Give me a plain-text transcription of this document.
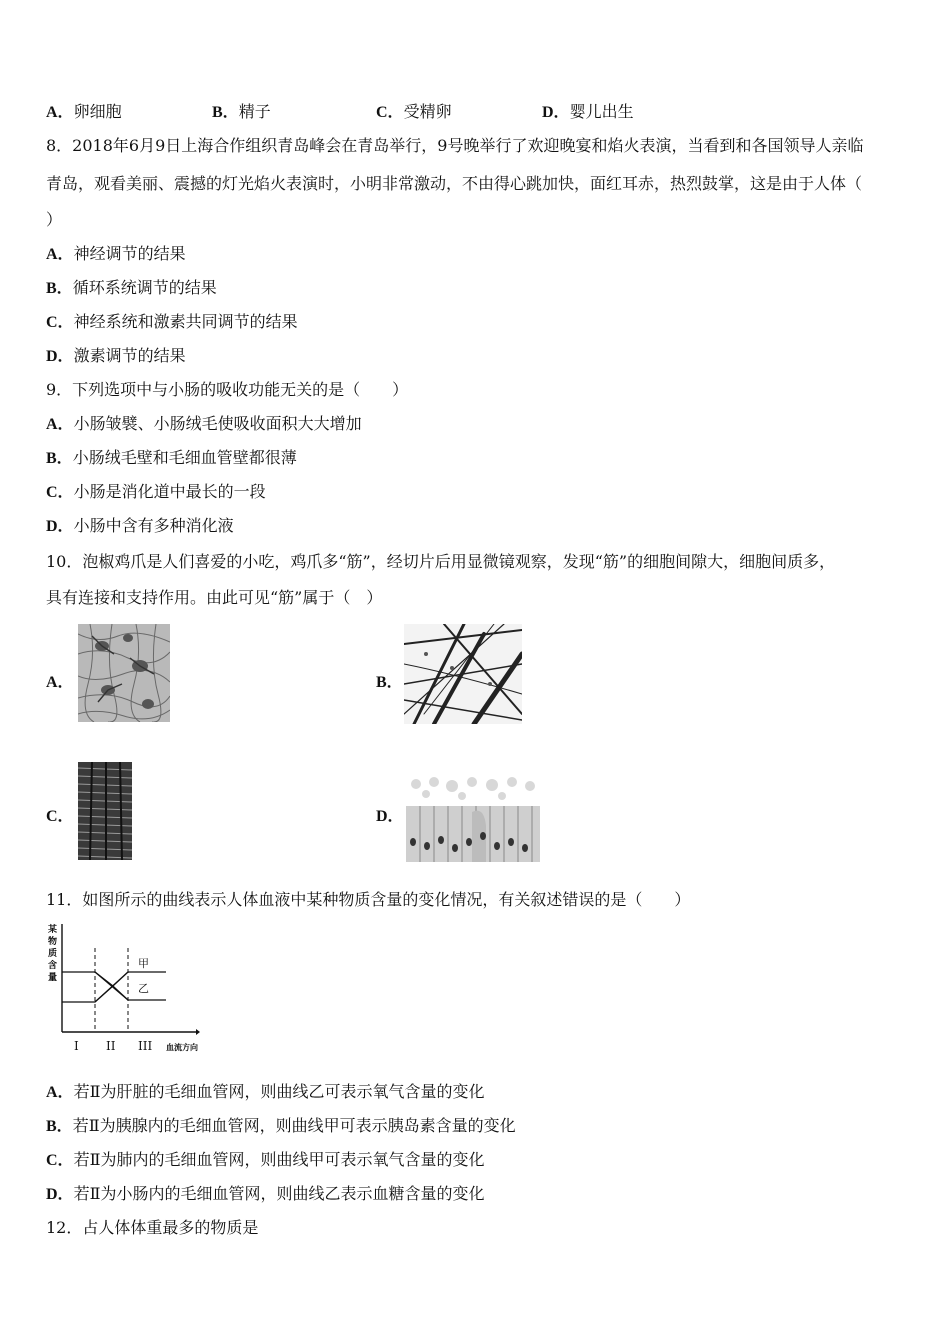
A．卵细胞	B．精子	C．受精卵	D．婴儿出生
8．2018年6月9日上海合作组织青岛峰会在青岛举行，9号晚举行了欢迎晚宴和焰火表演，当看到和各国领导人亲临
青岛，观看美丽、震撼的灯光焰火表演时，小明非常激动，不由得心跳加快，面红耳赤，热烈鼓掌，这是由于人体（
）
A．神经调节的结果
B．循环系统调节的结果
C．神经系统和激素共同调节的结果
D．激素调节的结果
9．下列选项中与小肠的吸收功能无关的是（　　）
A．小肠皱襞、小肠绒毛使吸收面积大大增加
B．小肠绒毛壁和毛细血管壁都很薄
C．小肠是消化道中最长的一段
D．小肠中含有多种消化液
10．泡椒鸡爪是人们喜爱的小吃，鸡爪多“筋”，经切片后用显微镜观察，发现“筋”的细胞间隙大，细胞间质多，
具有连接和支持作用。由此可见“筋”属于（　）
A．	B．
C．	D．
11．如图所示的曲线表示人体血液中某种物质含量的变化情况，有关叙述错误的是（　　）
某物质含量
甲
乙
I II III 血流方向
A．若Ⅱ为肝脏的毛细血管网，则曲线乙可表示氧气含量的变化
B．若Ⅱ为胰腺内的毛细血管网，则曲线甲可表示胰岛素含量的变化
C．若Ⅱ为肺内的毛细血管网，则曲线甲可表示氧气含量的变化
D．若Ⅱ为小肠内的毛细血管网，则曲线乙表示血糖含量的变化
12．占人体体重最多的物质是
